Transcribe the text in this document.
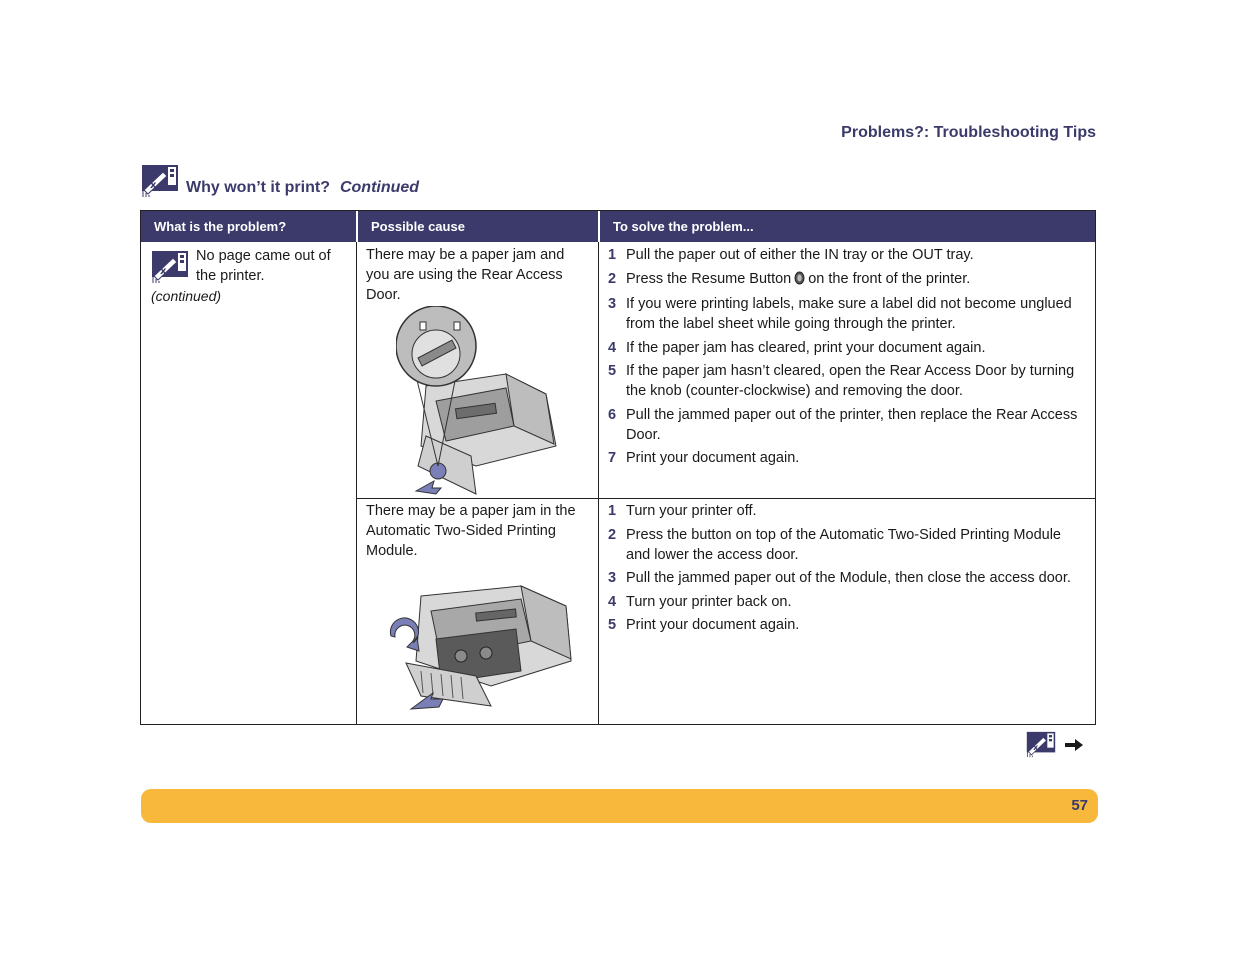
Problems?: Troubleshooting Tips
x Why won’t it print? Continued
What is the problem?	Possible cause	To solve the problem...
x
No page came out of the printer.
(continued)
There may be a paper jam and you are using the Rear Access Door.
1 Pull the paper out of either the IN tray or the OUT tray.
2 Press the Resume Button on the front of the printer.
3 If you were printing labels, make sure a label did not become unglued from the label sheet while going through the printer.
4 If the paper jam has cleared, print your document again.
5 If the paper jam hasn’t cleared, open the Rear Access Door by turning the knob (counter-clockwise) and removing the door.
6 Pull the jammed paper out of the printer, then replace the Rear Access Door.
7 Print your document again.
There may be a paper jam in the Automatic Two-Sided Printing Module.
1 Turn your printer off.
2 Press the button on top of the Automatic Two-Sided Printing Module and lower the access door.
3 Pull the jammed paper out of the Module, then close the access door.
4 Turn your printer back on.
5 Print your document again.
x
57
